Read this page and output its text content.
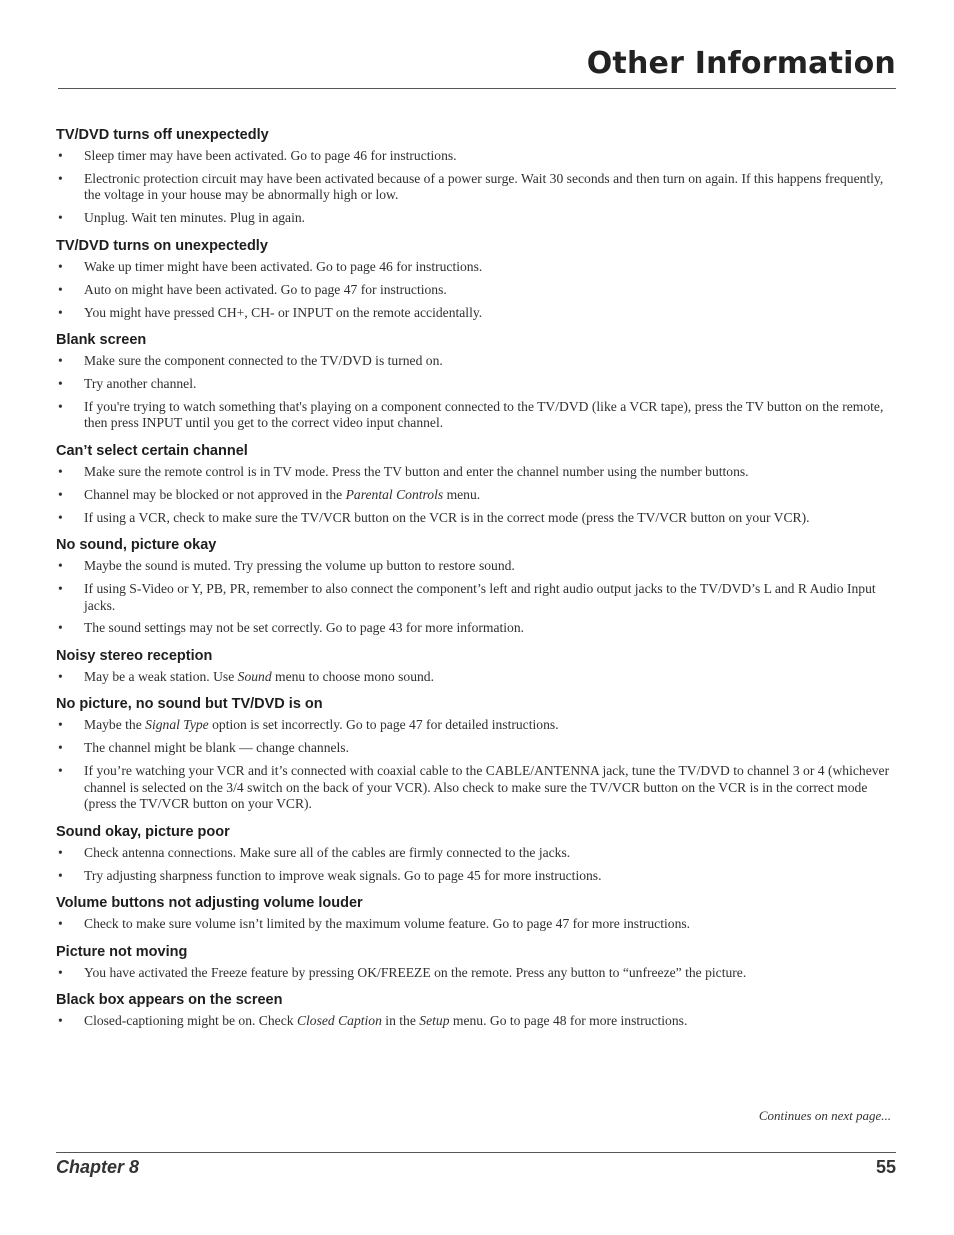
Other Information
TV/DVD turns off unexpectedly
• Sleep timer may have been activated. Go to page 46 for instructions.
• Electronic protection circuit may have been activated because of a power surge. Wait 30 seconds and then turn on again. If this happens frequently, the voltage in your house may be abnormally high or low.
• Unplug. Wait ten minutes. Plug in again.
TV/DVD turns on unexpectedly
• Wake up timer might have been activated. Go to page 46 for instructions.
• Auto on might have been activated. Go to page 47 for instructions.
• You might have pressed CH+, CH- or INPUT on the remote accidentally.
Blank screen
• Make sure the component connected to the TV/DVD is turned on.
• Try another channel.
• If you're trying to watch something that's playing on a component connected to the TV/DVD (like a VCR tape), press the TV button on the remote, then press INPUT until you get to the correct video input channel.
Can’t select certain channel
• Make sure the remote control is in TV mode. Press the TV button and enter the channel number using the number buttons.
• Channel may be blocked or not approved in the Parental Controls menu.
• If using a VCR, check to make sure the TV/VCR button on the VCR is in the correct mode (press the TV/VCR button on your VCR).
No sound, picture okay
• Maybe the sound is muted. Try pressing the volume up button to restore sound.
• If using S-Video or Y, PB, PR, remember to also connect the component’s left and right audio output jacks to the TV/DVD’s L and R Audio Input jacks.
• The sound settings may not be set correctly. Go to page 43 for more information.
Noisy stereo reception
• May be a weak station. Use Sound menu to choose mono sound.
No picture, no sound but TV/DVD is on
• Maybe the Signal Type option is set incorrectly. Go to page 47 for detailed instructions.
• The channel might be blank — change channels.
• If you’re watching your VCR and it’s connected with coaxial cable to the CABLE/ANTENNA jack, tune the TV/DVD to channel 3 or 4 (whichever channel is selected on the 3/4 switch on the back of your VCR). Also check to make sure the TV/VCR button on the VCR is in the correct mode (press the TV/VCR button on your VCR).
Sound okay, picture poor
• Check antenna connections. Make sure all of the cables are firmly connected to the jacks.
• Try adjusting sharpness function to improve weak signals. Go to page 45 for more instructions.
Volume buttons not adjusting volume louder
• Check to make sure volume isn’t limited by the maximum volume feature. Go to page 47 for more instructions.
Picture not moving
• You have activated the Freeze feature by pressing OK/FREEZE on the remote. Press any button to “unfreeze” the picture.
Black box appears on the screen
• Closed-captioning might be on. Check Closed Caption in the Setup menu. Go to page 48 for more instructions.
Continues on next page...
Chapter 8	55
